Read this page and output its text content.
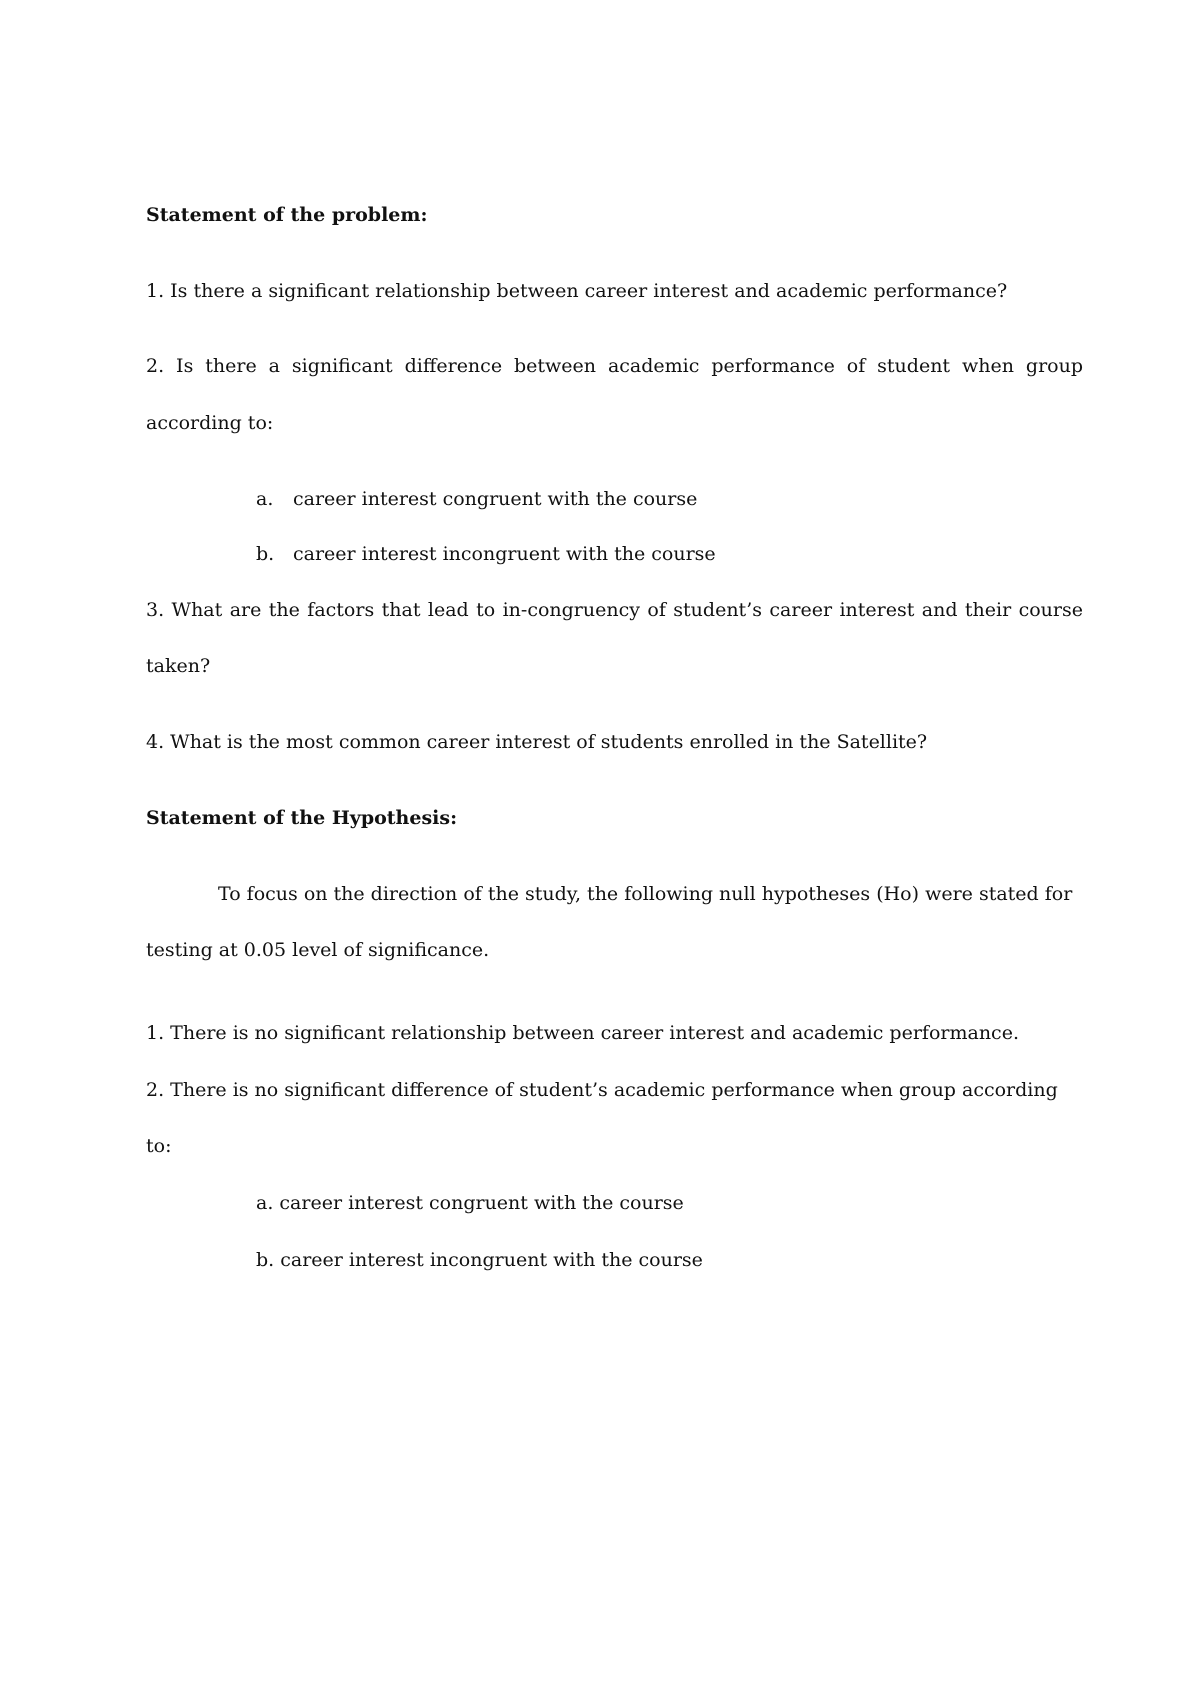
Statement of the problem:
1. Is there a significant relationship between career interest and academic performance?
2. Is there a significant difference between academic performance of student when group
according to:
a. career interest congruent with the course
b. career interest incongruent with the course
3. What are the factors that lead to in-congruency of student’s career interest and their course
taken?
4. What is the most common career interest of students enrolled in the Satellite?
Statement of the Hypothesis:
To focus on the direction of the study, the following null hypotheses (Ho) were stated for
testing at 0.05 level of significance.
1. There is no significant relationship between career interest and academic performance.
2. There is no significant difference of student’s academic performance when group according
to:
a. career interest congruent with the course
b. career interest incongruent with the course
